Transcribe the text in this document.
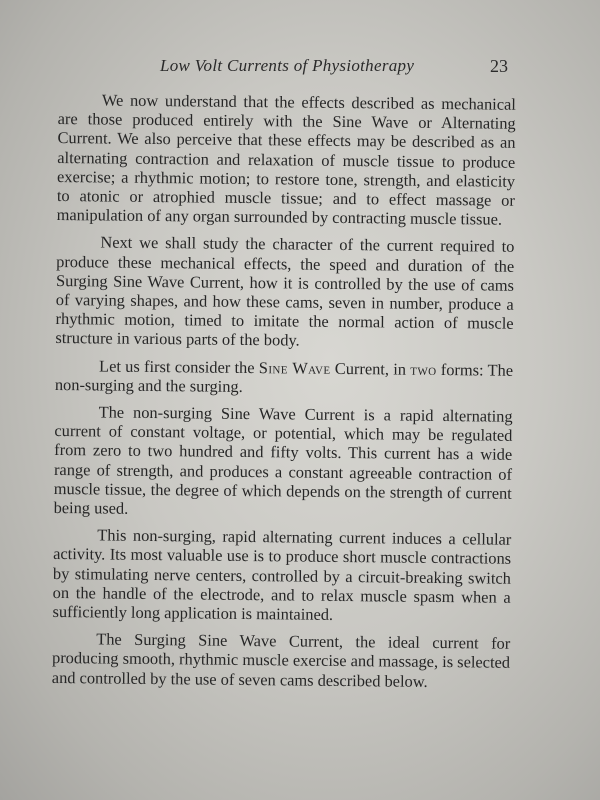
Low Volt Currents of Physiotherapy	23

We now understand that the effects described as mechanical are those produced entirely with the Sine Wave or Alternating Current. We also perceive that these effects may be described as an alternating contraction and relaxation of muscle tissue to produce exercise; a rhythmic motion; to restore tone, strength, and elasticity to atonic or atrophied muscle tissue; and to effect massage or manipulation of any organ surrounded by contracting muscle tissue.

Next we shall study the character of the current required to produce these mechanical effects, the speed and duration of the Surging Sine Wave Current, how it is controlled by the use of cams of varying shapes, and how these cams, seven in number, produce a rhythmic motion, timed to imitate the normal action of muscle structure in various parts of the body.

Let us first consider the Sine Wave Current, in two forms: The non-surging and the surging.

The non-surging Sine Wave Current is a rapid alternating current of constant voltage, or potential, which may be regulated from zero to two hundred and fifty volts. This current has a wide range of strength, and produces a constant agreeable contraction of muscle tissue, the degree of which depends on the strength of current being used.

This non-surging, rapid alternating current induces a cellular activity. Its most valuable use is to produce short muscle contractions by stimulating nerve centers, controlled by a circuit-breaking switch on the handle of the electrode, and to relax muscle spasm when a sufficiently long application is maintained.

The Surging Sine Wave Current, the ideal current for producing smooth, rhythmic muscle exercise and massage, is selected and controlled by the use of seven cams described below.
